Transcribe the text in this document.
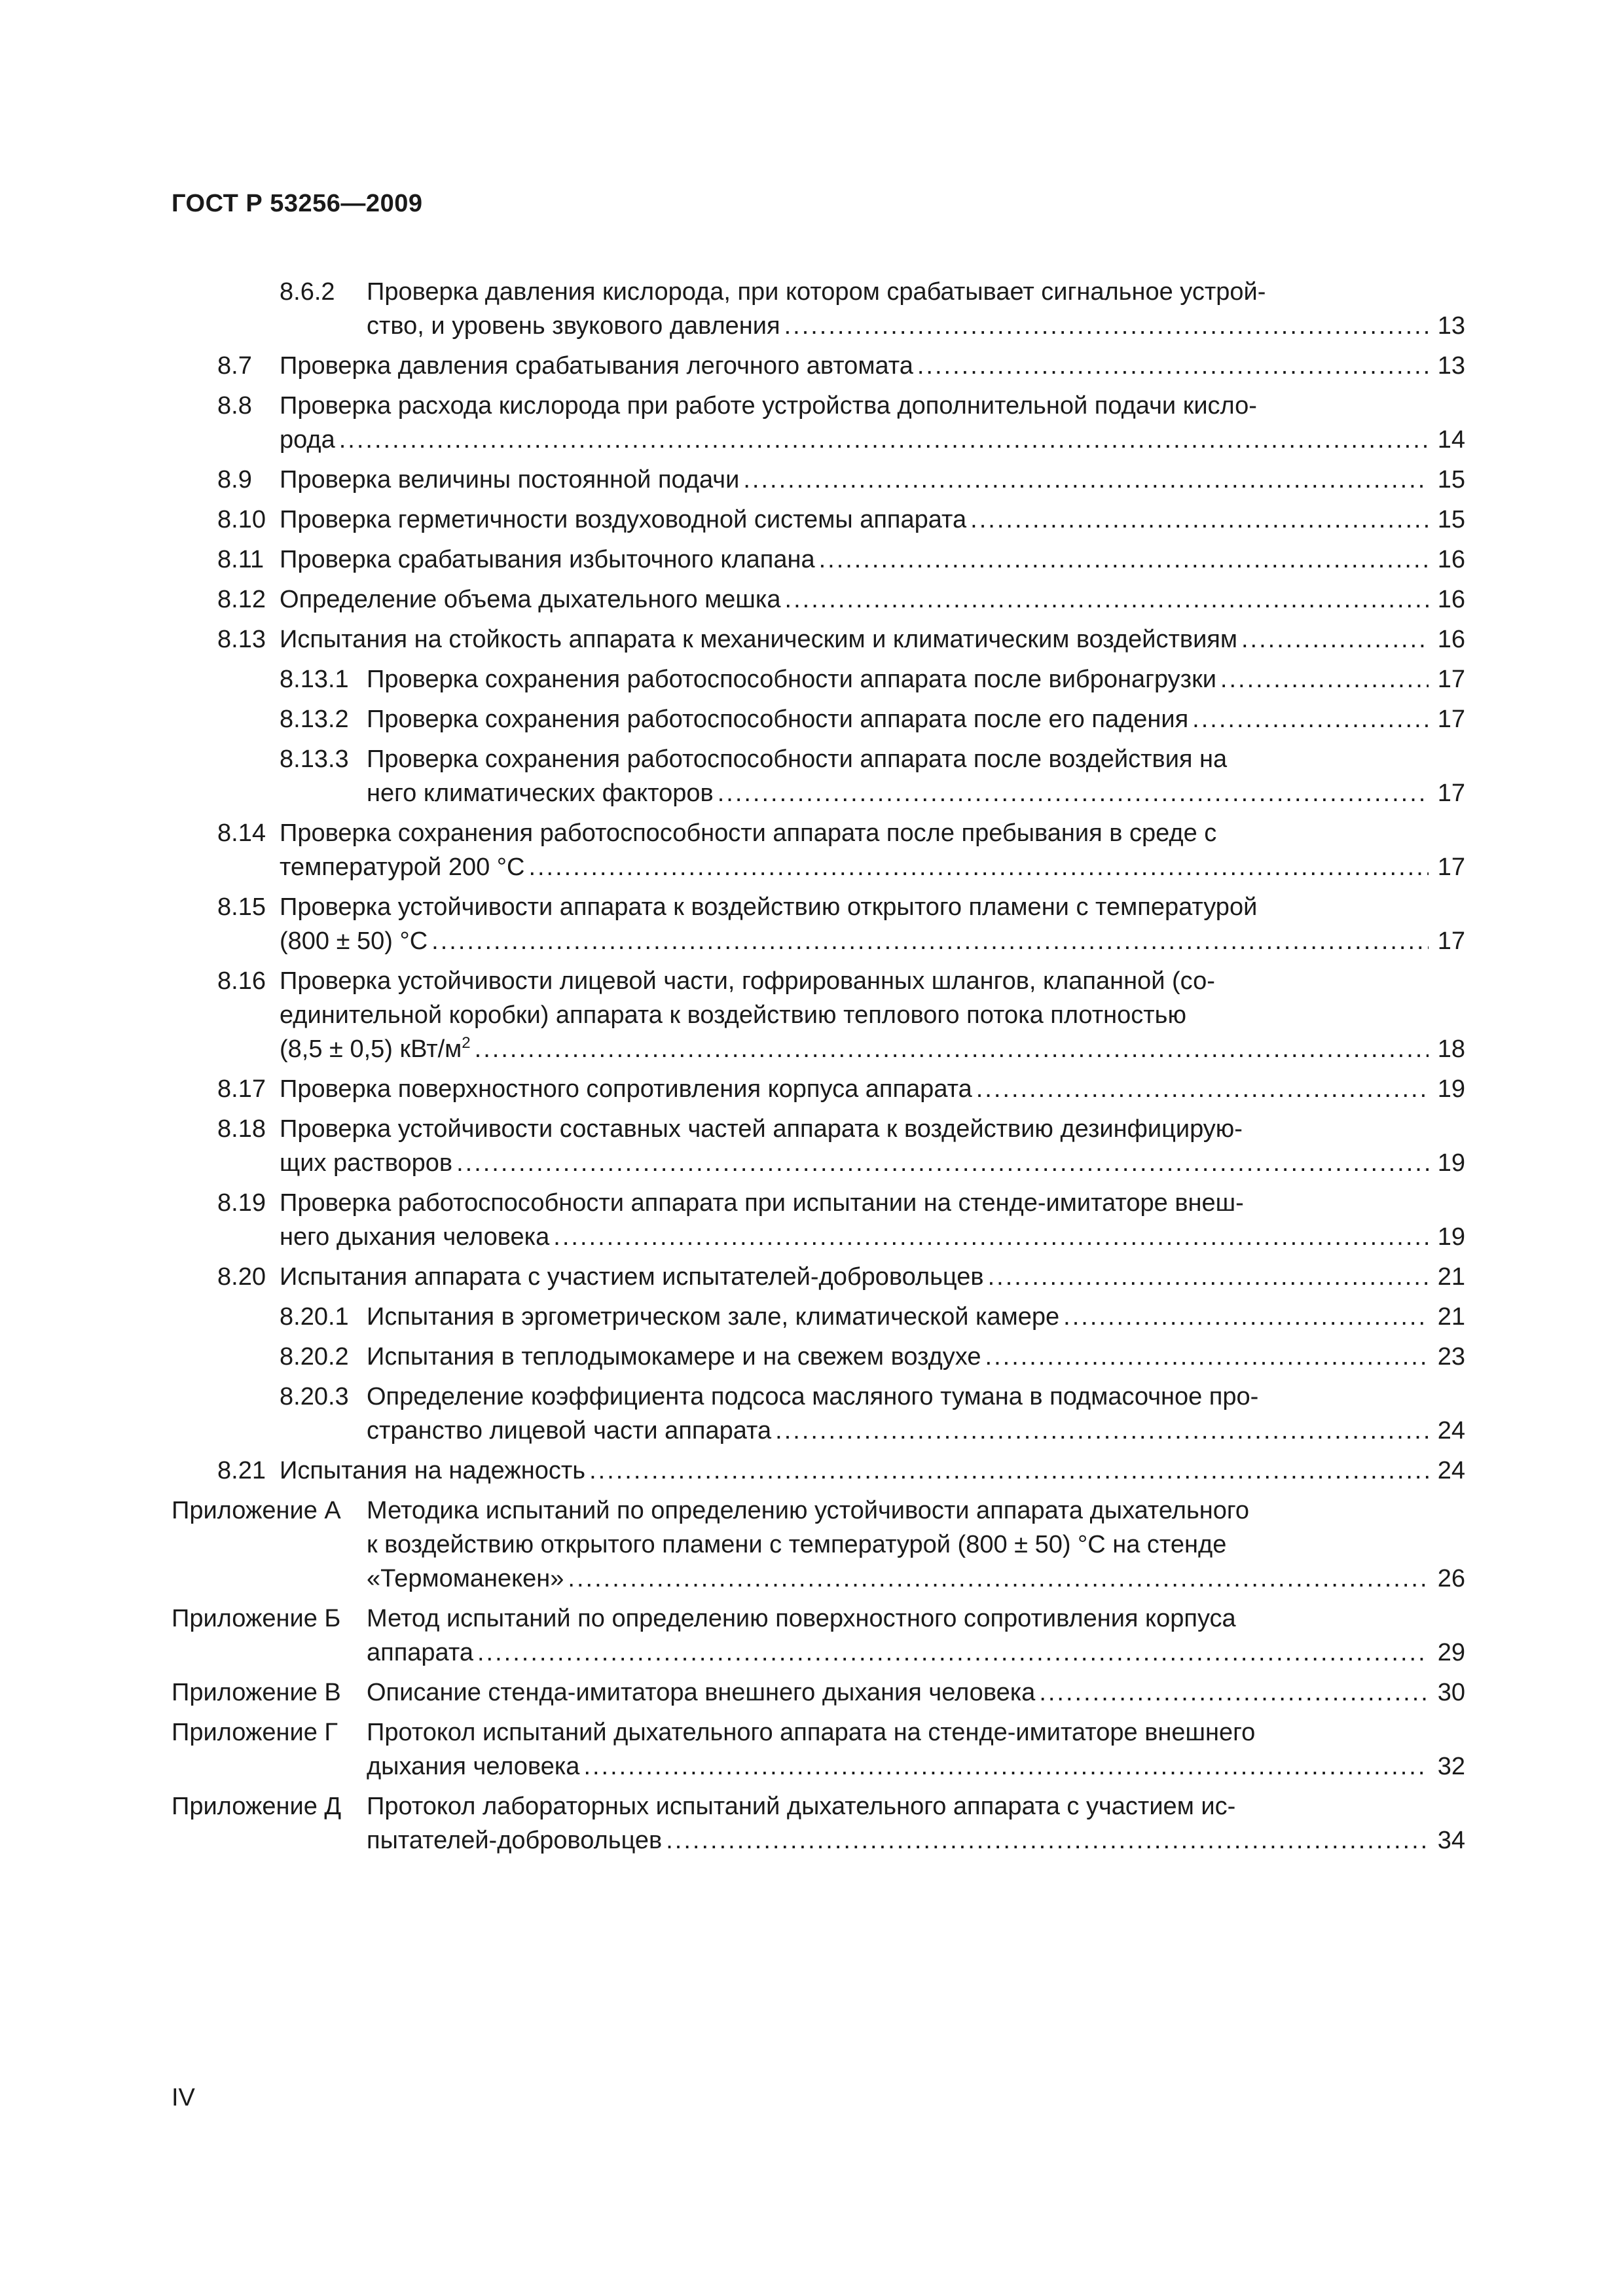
ГОСТ Р 53256—2009
8.6.2 Проверка давления кислорода, при котором срабатывает сигнальное устрой-
ство, и уровень звукового давления .....	13
8.7 Проверка давления срабатывания легочного автомата .....	13
8.8 Проверка расхода кислорода при работе устройства дополнительной подачи кисло-
рода .....	14
8.9 Проверка величины постоянной подачи .....	15
8.10 Проверка герметичности воздуховодной системы аппарата .....	15
8.11 Проверка срабатывания избыточного клапана .....	16
8.12 Определение объема дыхательного мешка .....	16
8.13 Испытания на стойкость аппарата к механическим и климатическим воздействиям .....	16
8.13.1 Проверка сохранения работоспособности аппарата после вибронагрузки .....	17
8.13.2 Проверка сохранения работоспособности аппарата после его падения .....	17
8.13.3 Проверка сохранения работоспособности аппарата после воздействия на
него климатических факторов .....	17
8.14 Проверка сохранения работоспособности аппарата после пребывания в среде с
температурой 200 °С .....	17
8.15 Проверка устойчивости аппарата к воздействию открытого пламени с температурой
(800 ± 50) °С .....	17
8.16 Проверка устойчивости лицевой части, гофрированных шлангов, клапанной (со-
единительной коробки) аппарата к воздействию теплового потока плотностью
(8,5 ± 0,5) кВт/$м^2$ .....	18
8.17 Проверка поверхностного сопротивления корпуса аппарата .....	19
8.18 Проверка устойчивости составных частей аппарата к воздействию дезинфицирую-
щих растворов .....	19
8.19 Проверка работоспособности аппарата при испытании на стенде-имитаторе внеш-
него дыхания человека .....	19
8.20 Испытания аппарата с участием испытателей-добровольцев .....	21
8.20.1 Испытания в эргометрическом зале, климатической камере .....	21
8.20.2 Испытания в теплодымокамере и на свежем воздухе .....	23
8.20.3 Определение коэффициента подсоса масляного тумана в подмасочное про-
странство лицевой части аппарата .....	24
8.21 Испытания на надежность .....	24
Приложение А Методика испытаний по определению устойчивости аппарата дыхательного
к воздействию открытого пламени с температурой (800 ± 50) °С на стенде
«Термоманекен» .....	26
Приложение Б Метод испытаний по определению поверхностного сопротивления корпуса
аппарата .....	29
Приложение В Описание стенда-имитатора внешнего дыхания человека .....	30
Приложение Г Протокол испытаний дыхательного аппарата на стенде-имитаторе внешнего
дыхания человека .....	32
Приложение Д Протокол лабораторных испытаний дыхательного аппарата с участием ис-
пытателей-добровольцев .....	34
IV
